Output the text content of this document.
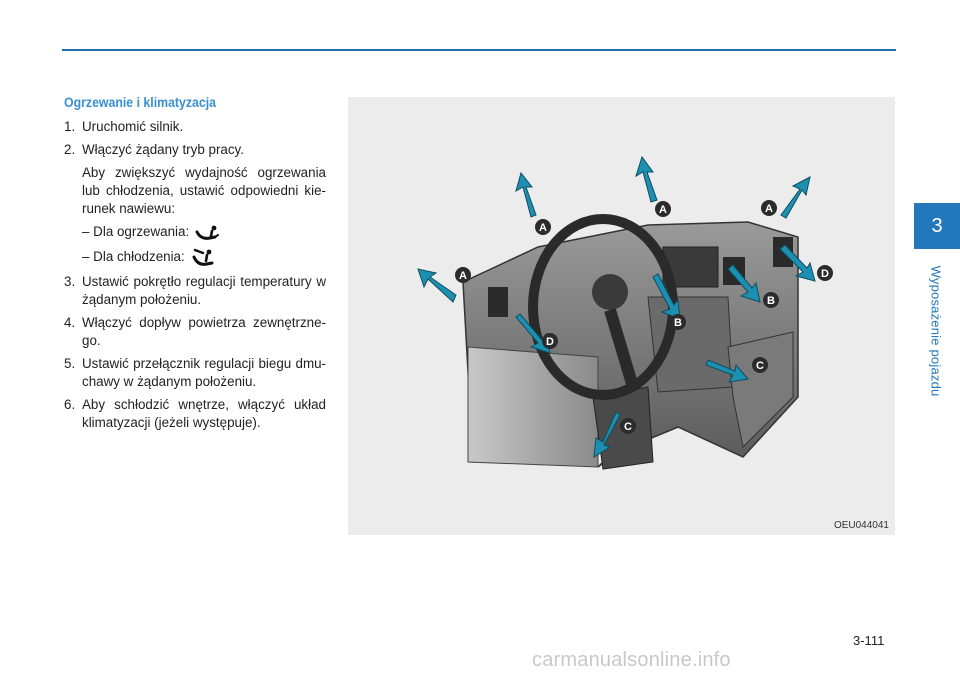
Ogrzewanie i klimatyzacja
1. Uruchomić silnik.
2. Włączyć żądany tryb pracy.
Aby zwiększyć wydajność ogrzewania lub chłodzenia, ustawić odpowiedni kie-runek nawiewu:
– Dla ogrzewania:
– Dla chłodzenia:
3. Ustawić pokrętło regulacji temperatury w żądanym położeniu.
4. Włączyć dopływ powietrza zewnętrzne-go.
5. Ustawić przełącznik regulacji biegu dmu-chawy w żądanym położeniu.
6. Aby schłodzić wnętrze, włączyć układ klimatyzacji (jeżeli występuje).
A
A
A	A
B
B
C
C
D
D
OEU044041
3
Wyposażenie pojazdu
3-111
carmanualsonline.info
